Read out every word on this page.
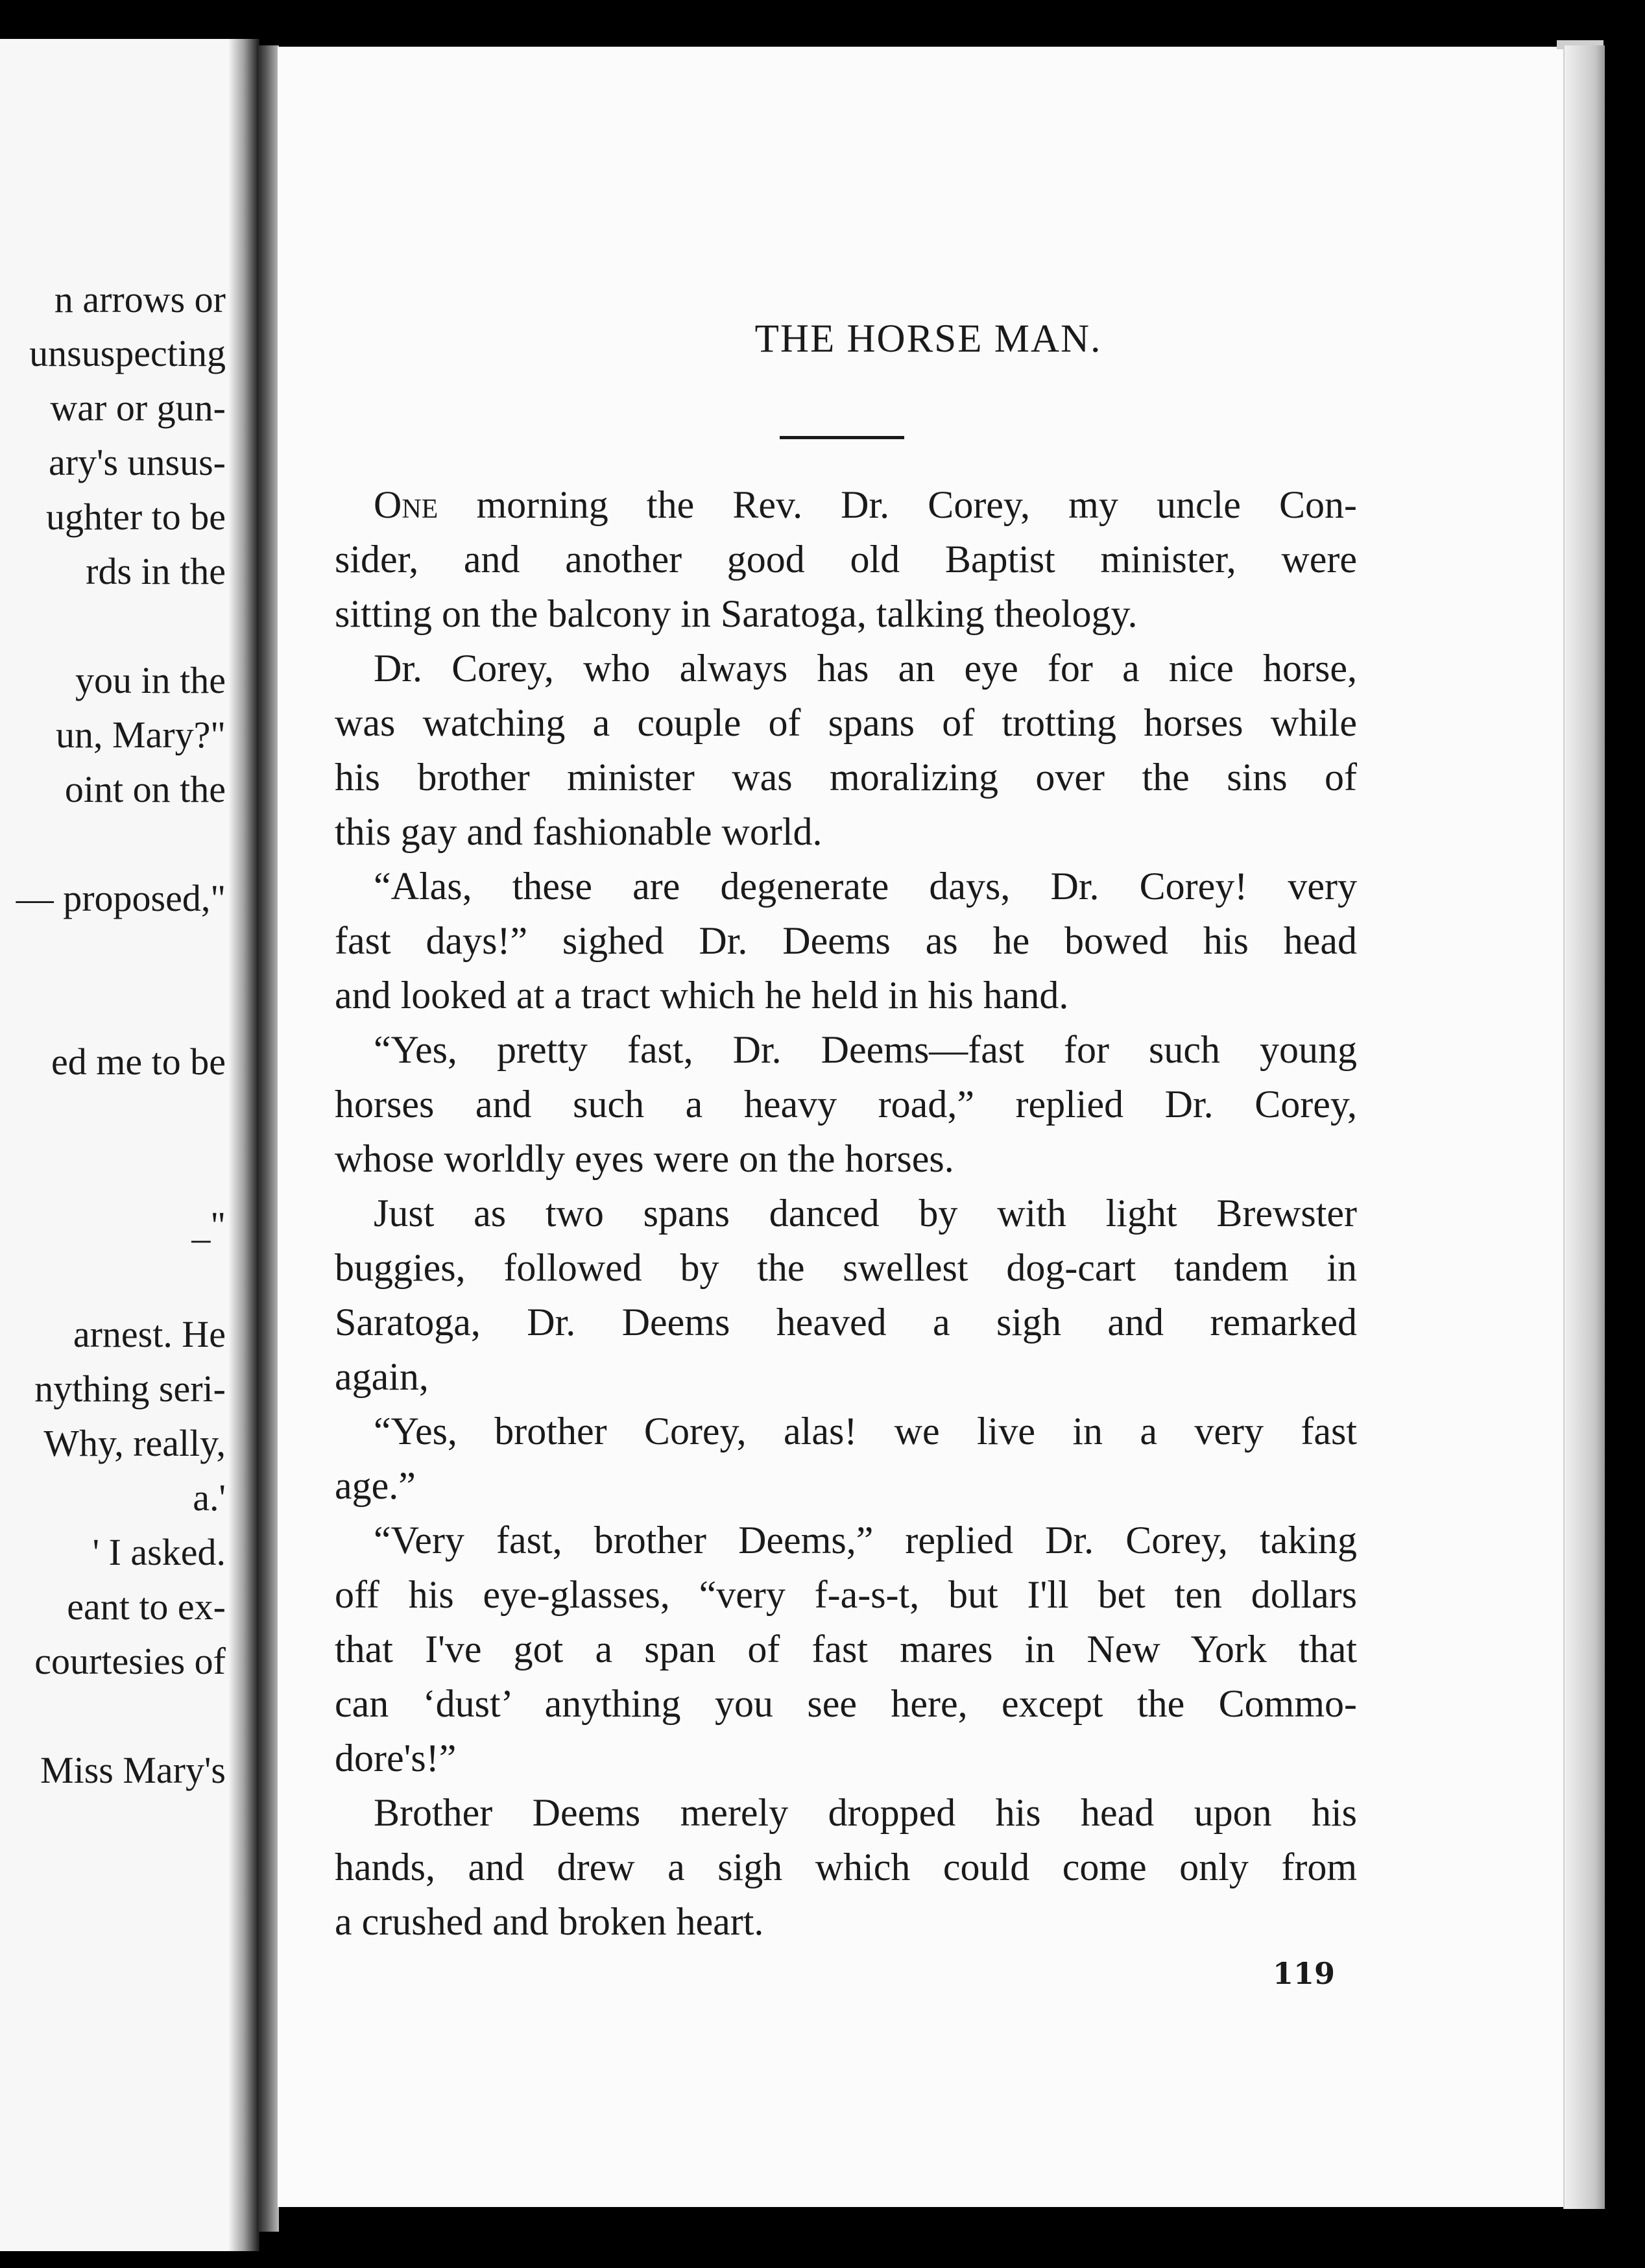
n arrows or
unsuspecting
war or gun-
ary's unsus-
ughter to be
rds in the
you in the
un, Mary?"
oint on the
— proposed,"
ed me to be
_"
arnest. He
nything seri-
Why, really,
a.'
' I asked.
eant to ex-
courtesies of
Miss Mary's
THE HORSE MAN.
One morning the Rev. Dr. Corey, my uncle Con-
sider, and another good old Baptist minister, were
sitting on the balcony in Saratoga, talking theology.
Dr. Corey, who always has an eye for a nice horse,
was watching a couple of spans of trotting horses while
his brother minister was moralizing over the sins of
this gay and fashionable world.
“Alas, these are degenerate days, Dr. Corey! very
fast days!” sighed Dr. Deems as he bowed his head
and looked at a tract which he held in his hand.
“Yes, pretty fast, Dr. Deems—fast for such young
horses and such a heavy road,” replied Dr. Corey,
whose worldly eyes were on the horses.
Just as two spans danced by with light Brewster
buggies, followed by the swellest dog-cart tandem in
Saratoga, Dr. Deems heaved a sigh and remarked
again,
“Yes, brother Corey, alas! we live in a very fast
age.”
“Very fast, brother Deems,” replied Dr. Corey, taking
off his eye-glasses, “very f-a-s-t, but I'll bet ten dollars
that I've got a span of fast mares in New York that
can ‘dust’ anything you see here, except the Commo-
dore's!”
Brother Deems merely dropped his head upon his
hands, and drew a sigh which could come only from
a crushed and broken heart.
119
